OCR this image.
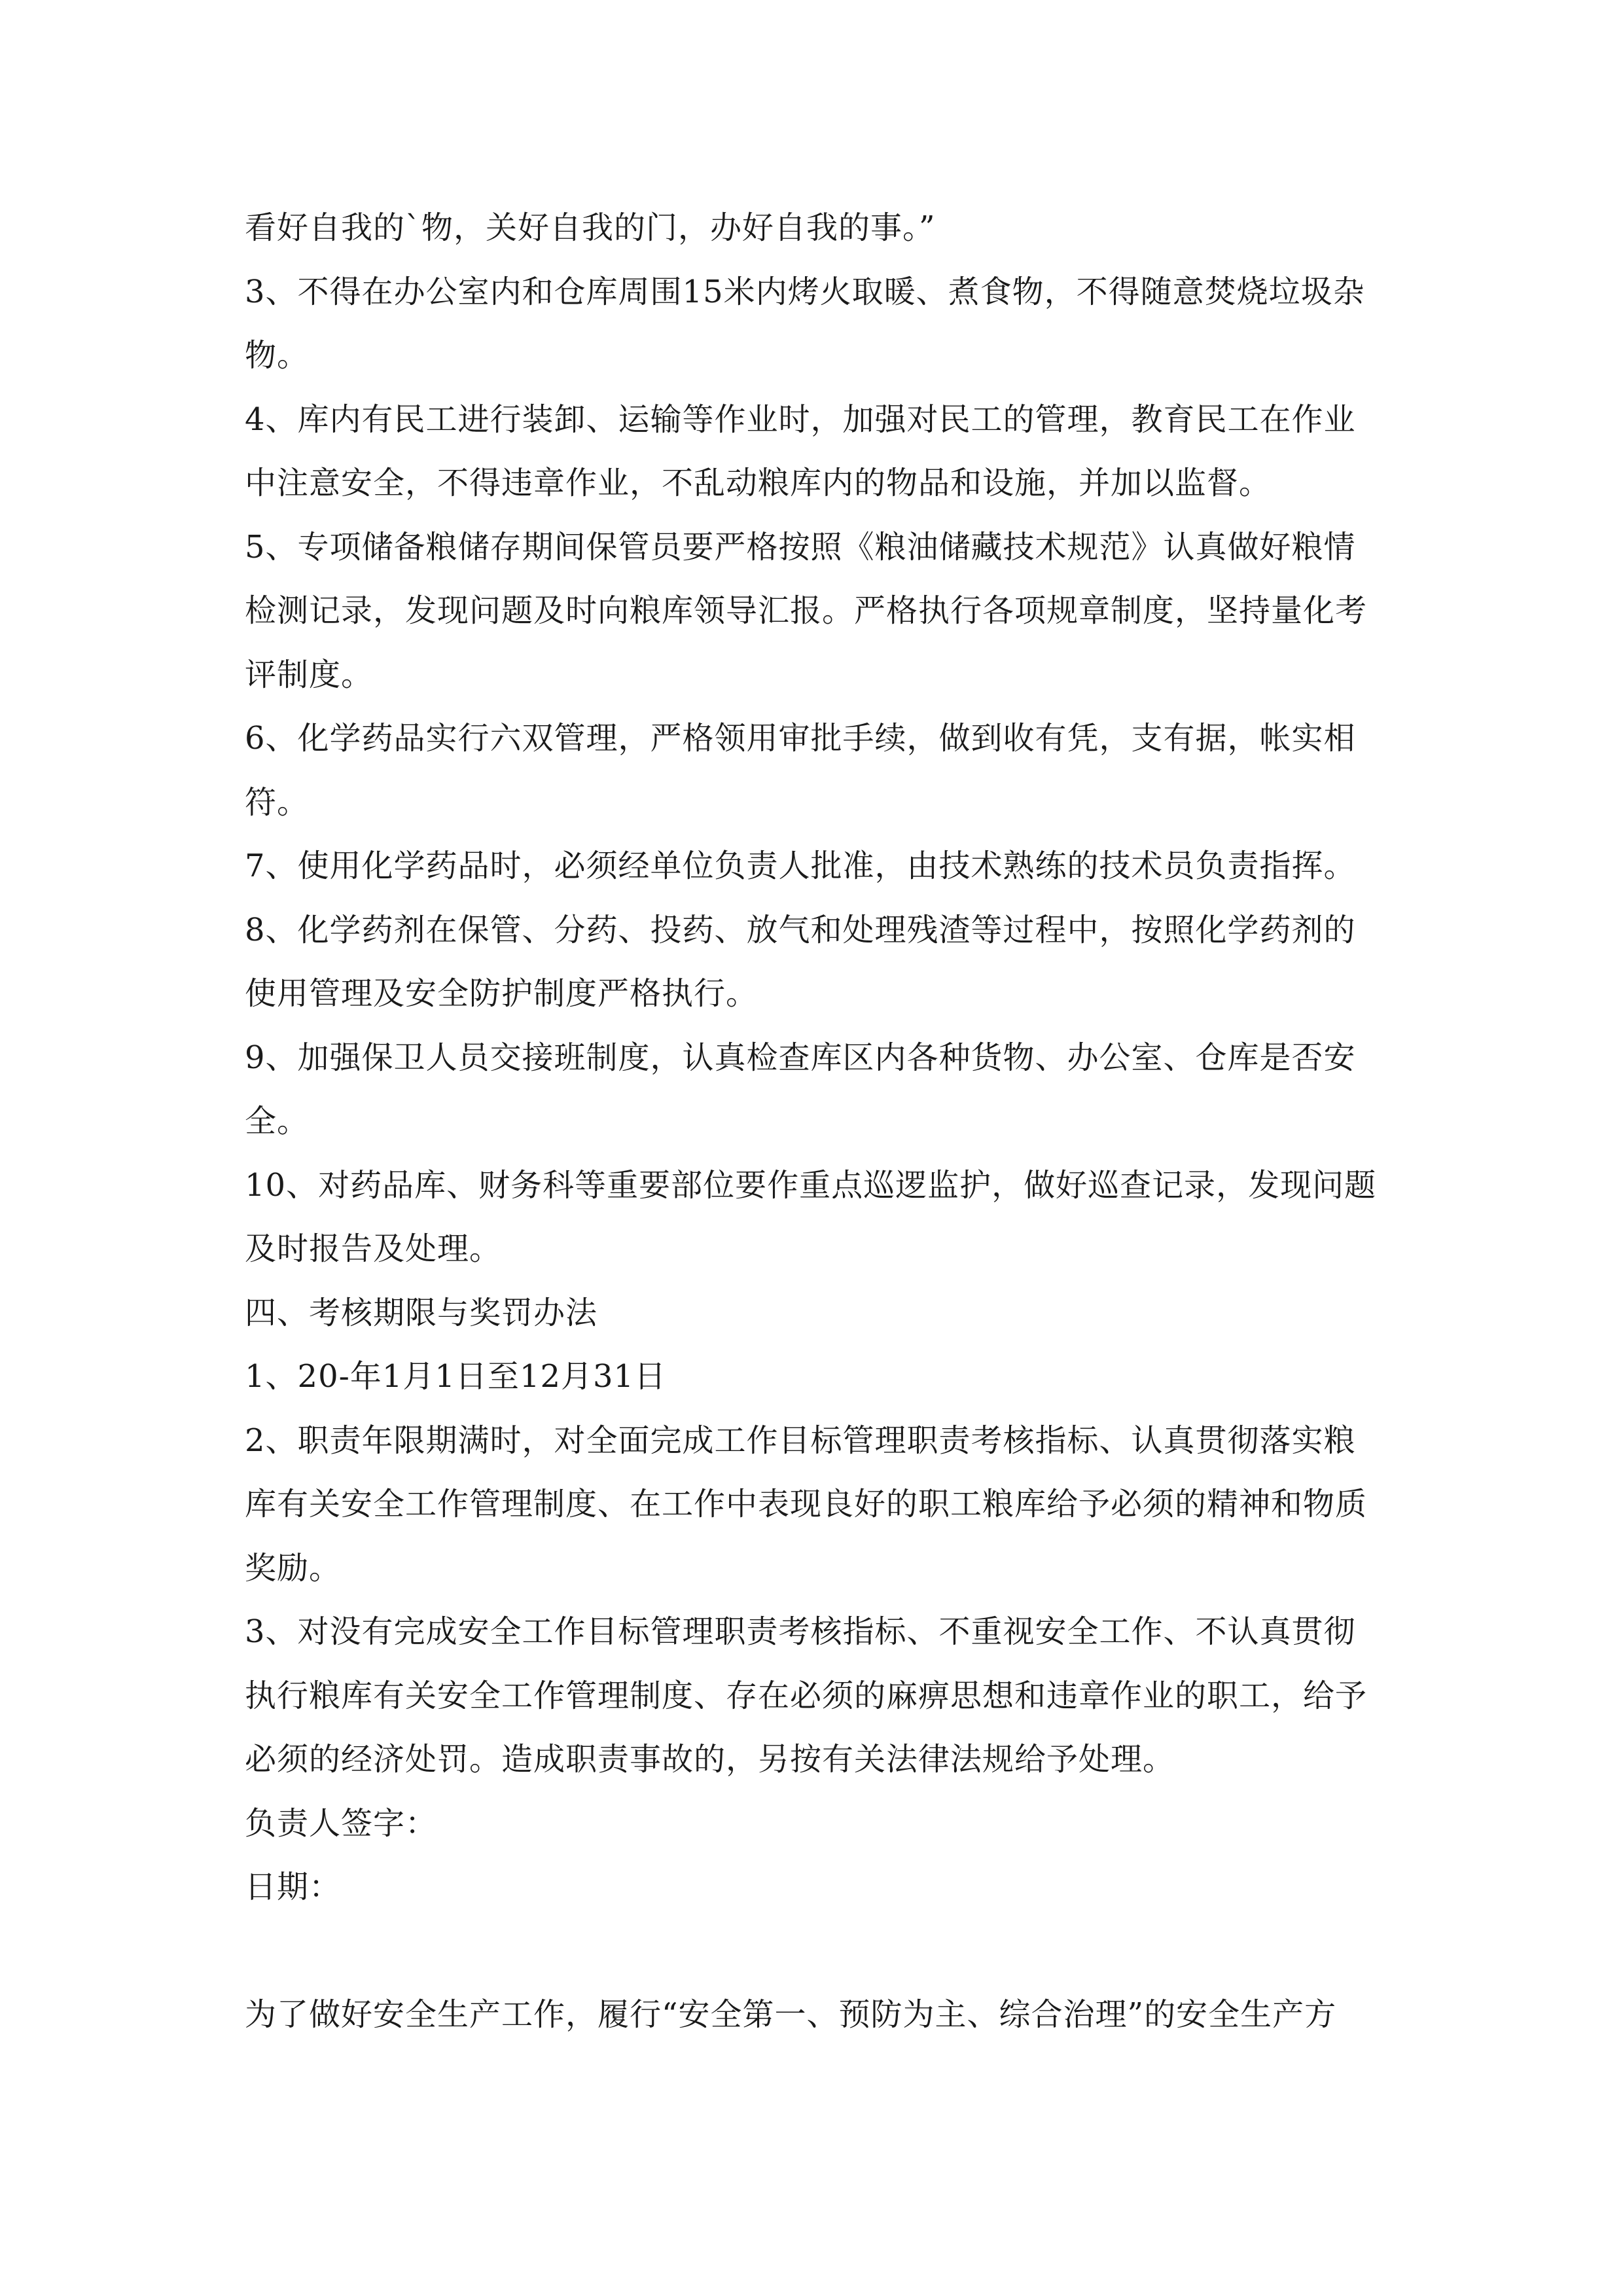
看好自我的`物，关好自我的门，办好自我的事。”

3、不得在办公室内和仓库周围15米内烤火取暖、煮食物，不得随意焚烧垃圾杂物。

4、库内有民工进行装卸、运输等作业时，加强对民工的管理，教育民工在作业中注意安全，不得违章作业，不乱动粮库内的物品和设施，并加以监督。

5、专项储备粮储存期间保管员要严格按照《粮油储藏技术规范》认真做好粮情检测记录，发现问题及时向粮库领导汇报。严格执行各项规章制度，坚持量化考评制度。

6、化学药品实行六双管理，严格领用审批手续，做到收有凭，支有据，帐实相符。

7、使用化学药品时，必须经单位负责人批准，由技术熟练的技术员负责指挥。

8、化学药剂在保管、分药、投药、放气和处理残渣等过程中，按照化学药剂的使用管理及安全防护制度严格执行。

9、加强保卫人员交接班制度，认真检查库区内各种货物、办公室、仓库是否安全。

10、对药品库、财务科等重要部位要作重点巡逻监护，做好巡查记录，发现问题及时报告及处理。

四、考核期限与奖罚办法

1、20-年1月1日至12月31日

2、职责年限期满时，对全面完成工作目标管理职责考核指标、认真贯彻落实粮库有关安全工作管理制度、在工作中表现良好的职工粮库给予必须的精神和物质奖励。

3、对没有完成安全工作目标管理职责考核指标、不重视安全工作、不认真贯彻执行粮库有关安全工作管理制度、存在必须的麻痹思想和违章作业的职工，给予必须的经济处罚。造成职责事故的，另按有关法律法规给予处理。

负责人签字：

日期：

为了做好安全生产工作，履行“安全第一、预防为主、综合治理”的安全生产方
